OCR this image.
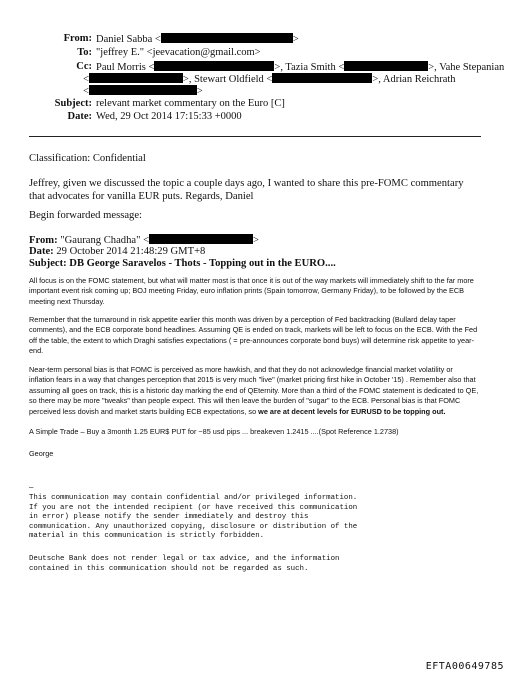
From: Daniel Sabba <	>
To: "jeffrey E." <jeevacation@gmail.com>
Cc: Paul Morris <	>, Tazia Smith <	>, Vahe Stepanian
<	>, Stewart Oldfield <	>, Adrian Reichrath
<	>
Subject: relevant market commentary on the Euro [C]
Date: Wed, 29 Oct 2014 17:15:33 +0000
Classification: Confidential
Jeffrey, given we discussed the topic a couple days ago, I wanted to share this pre-FOMC commentary that advocates for vanilla EUR puts. Regards, Daniel
Begin forwarded message:
From: "Gaurang Chadha" <	>
Date: 29 October 2014 21:48:29 GMT+8
Subject: DB George Saravelos - Thots - Topping out in the EURO....
All focus is on the FOMC statement, but what will matter most is that once it is out of the way markets will immediately shift to the far more important event risk coming up; BOJ meeting Friday, euro inflation prints (Spain tomorrow, Germany Friday), to be followed by the ECB meeting next Thursday.
Remember that the turnaround in risk appetite earlier this month was driven by a perception of Fed backtracking (Bullard delay taper comments), and the ECB corporate bond headlines. Assuming QE is ended on track, markets will be left to focus on the ECB. With the Fed off the table, the extent to which Draghi satisfies expectations ( = pre-announces corporate bond buys) will determine risk appetite to year-end.
Near-term personal bias is that FOMC is perceived as more hawkish, and that they do not acknowledge financial market volatility or inflation fears in a way that changes perception that 2015 is very much "live" (market pricing first hike in October '15) . Remember also that assuming all goes on track, this is a historic day marking the end of QEternity. More than a third of the FOMC statement is dedicated to QE, so there may be more "tweaks" than people expect. This will then leave the burden of "sugar" to the ECB. Personal bias is that FOMC perceived less dovish and market starts building ECB expectations, so we are at decent levels for EURUSD to be topping out.
A Simple Trade – Buy a 3month 1.25 EUR$ PUT for ~85 usd pips ... breakeven 1.2415 ....(Spot Reference 1.2738)
George
—
This communication may contain confidential and/or privileged information.
If you are not the intended recipient (or have received this communication
in error) please notify the sender immediately and destroy this
communication. Any unauthorized copying, disclosure or distribution of the
material in this communication is strictly forbidden.
Deutsche Bank does not render legal or tax advice, and the information
contained in this communication should not be regarded as such.
EFTA00649785
